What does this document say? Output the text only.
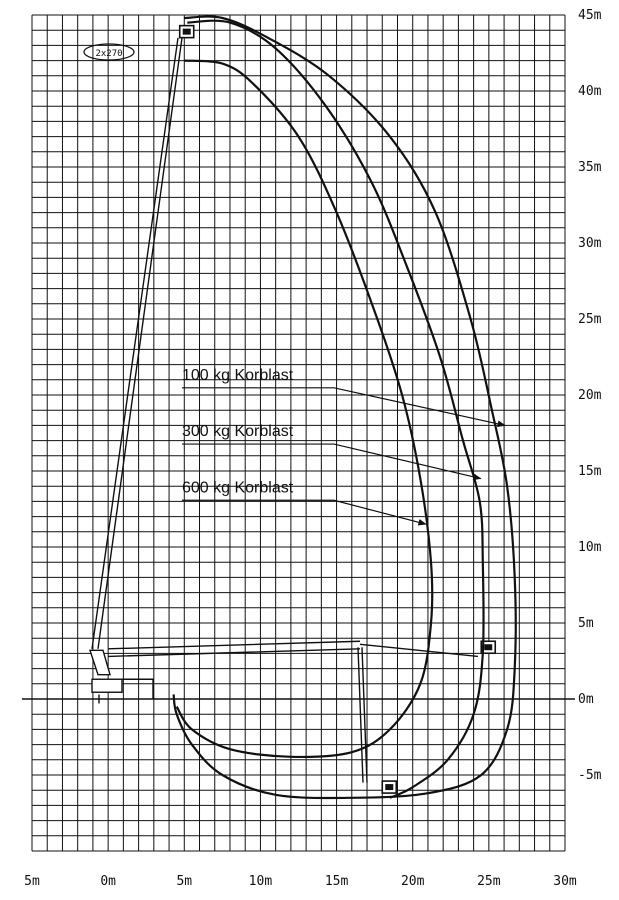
100 kg Korblast
300 kg Korblast
600 kg Korblast
45m
40m
35m
30m
25m
20m
15m
10m
5m
0m
-5m
5m	0m	5m	10m	15m	20m	25m	30m
2x270
